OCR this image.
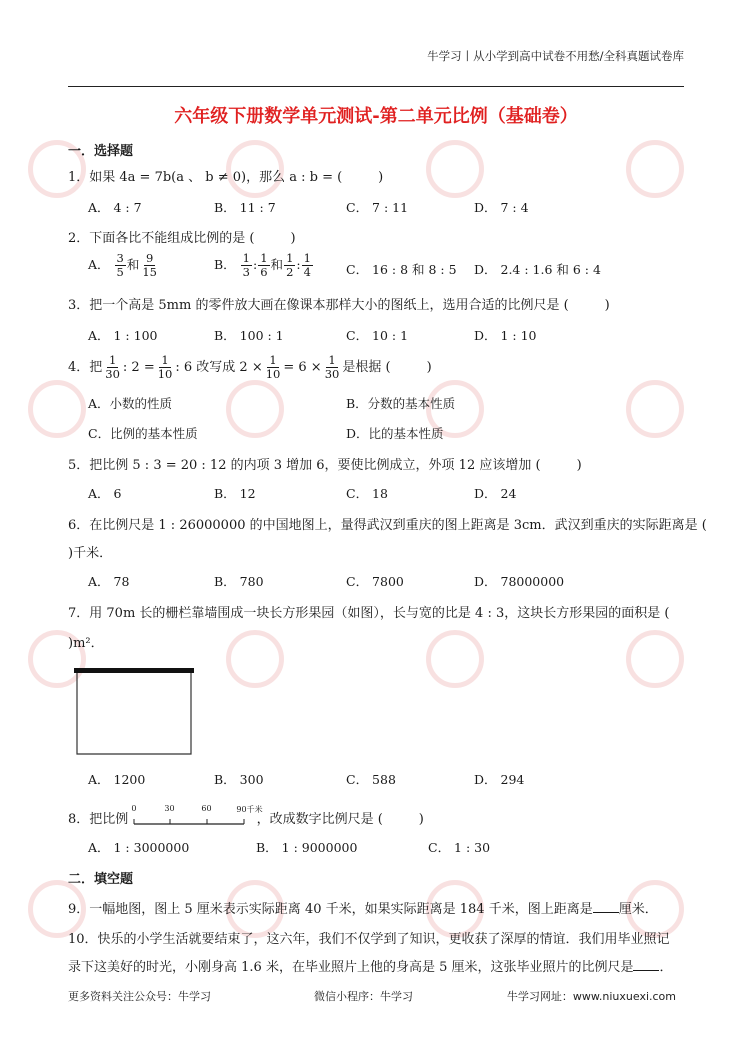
牛学习丨从小学到高中试卷不用愁/全科真题试卷库
六年级下册数学单元测试-第二单元比例（基础卷）
一．选择题
1．如果 4a = 7b(a 、 b ≠ 0)，那么 a : b = (	)
A． 4 : 7	B． 11 : 7	C． 7 : 11	D． 7 : 4
2．下面各比不能组成比例的是 (	)
A． $\frac{3}{5}$ 和 $\frac{9}{15}$	B． $\frac{1}{3}$ : $\frac{1}{6}$ 和 $\frac{1}{2}$ : $\frac{1}{4}$	C． 16 : 8 和 8 : 5 D． 2.4 : 1.6 和 6 : 4
3．把一个高是 5mm 的零件放大画在像课本那样大小的图纸上，选用合适的比例尺是 (	)
A． 1 : 100	B． 100 : 1	C． 10 : 1	D． 1 : 10
4．把 $\frac{1}{30}$ : $2 = \frac{1}{10}$ : 6 改写成 $2 \times \frac{1}{10} = 6 \times \frac{1}{30}$ 是根据 (	)
A．小数的性质	B．分数的基本性质
C．比例的基本性质	D．比的基本性质
5．把比例 5 : 3 = 20 : 12 的内项 3 增加 6，要使比例成立，外项 12 应该增加 (	)
A． 6	B． 12	C． 18	D． 24
6．在比例尺是 1 : 26000000 的中国地图上，量得武汉到重庆的图上距离是 3cm．武汉到重庆的实际距离是 (
)千米．
A． 78	B． 780	C． 7800	D． 78000000
7．用 70m 长的栅栏靠墙围成一块长方形果园（如图），长与宽的比是 4 : 3，这块长方形果园的面积是 (
)m²．
A． 1200	B． 300	C． 588	D． 294
8．把比例
0	30	60	90千米
，改成数字比例尺是 (	)
A． 1 : 3000000	B． 1 : 9000000	C． 1 : 30
二．填空题
9．一幅地图，图上 5 厘米表示实际距离 40 千米，如果实际距离是 184 千米，图上距离是 厘米．
10．快乐的小学生活就要结束了，这六年，我们不仅学到了知识，更收获了深厚的情谊．我们用毕业照记
录下这美好的时光，小刚身高 1.6 米，在毕业照片上他的身高是 5 厘米，这张毕业照片的比例尺是 ．
更多资料关注公众号：牛学习	微信小程序：牛学习	牛学习网址：www.niuxuexi.com
